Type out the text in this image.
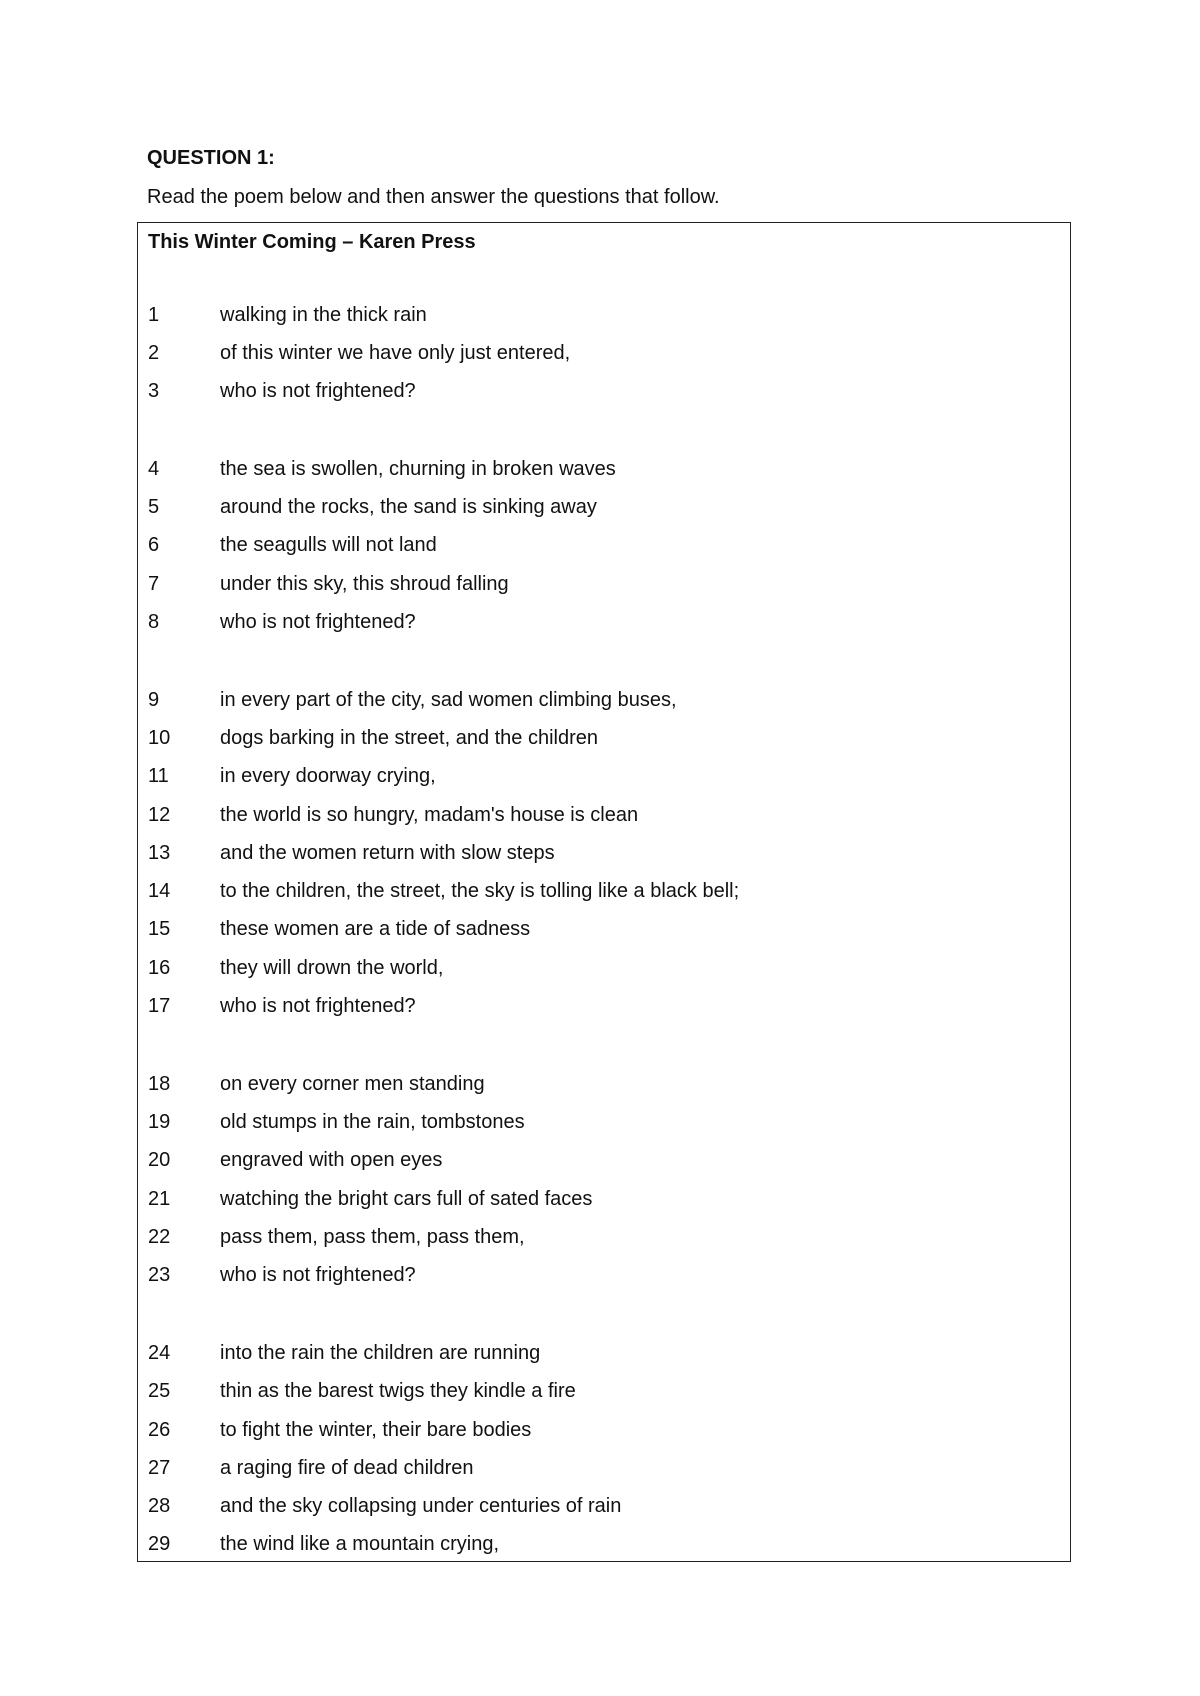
QUESTION 1:
Read the poem below and then answer the questions that follow.
This Winter Coming – Karen Press
1	walking in the thick rain
2	of this winter we have only just entered,
3	who is not frightened?
4	the sea is swollen, churning in broken waves
5	around the rocks, the sand is sinking away
6	the seagulls will not land
7	under this sky, this shroud falling
8	who is not frightened?
9	in every part of the city, sad women climbing buses,
10 dogs barking in the street, and the children
11	in every doorway crying,
12 the world is so hungry, madam's house is clean
13 and the women return with slow steps
14 to the children, the street, the sky is tolling like a black bell;
15 these women are a tide of sadness
16 they will drown the world,
17 who is not frightened?
18 on every corner men standing
19 old stumps in the rain, tombstones
20 engraved with open eyes
21 watching the bright cars full of sated faces
22 pass them, pass them, pass them,
23 who is not frightened?
24 into the rain the children are running
25 thin as the barest twigs they kindle a fire
26 to fight the winter, their bare bodies
27 a raging fire of dead children
28 and the sky collapsing under centuries of rain
29 the wind like a mountain crying,
